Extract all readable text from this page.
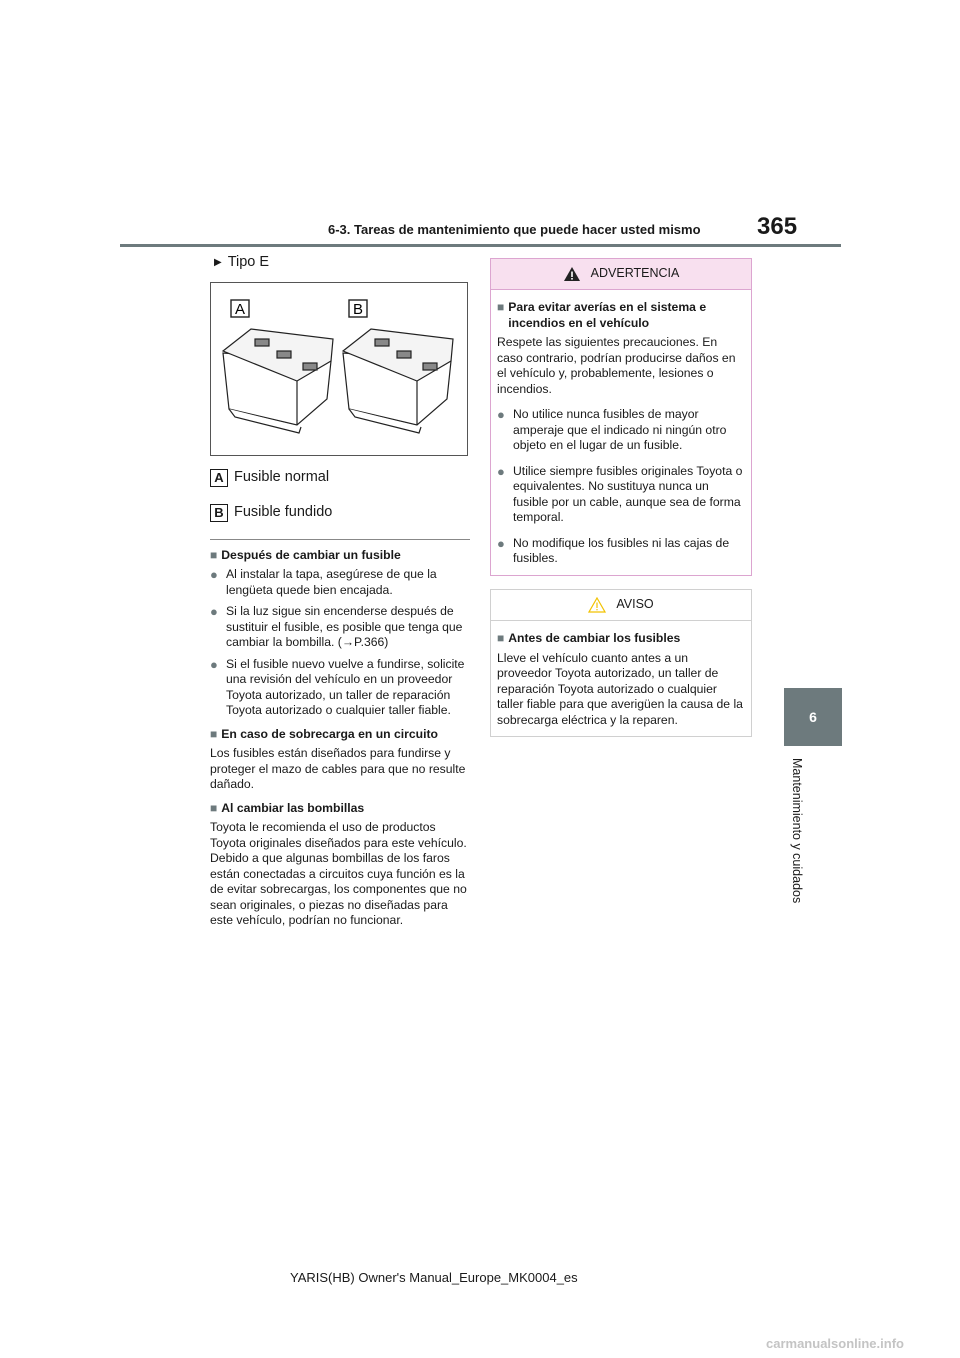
6-3. Tareas de mantenimiento que puede hacer usted mismo 365
6
Mantenimiento y cuidados
▶ Tipo E
A	B
A Fusible normal
B Fusible fundido
■ Después de cambiar un fusible
● Al instalar la tapa, asegúrese de que la lengüeta quede bien encajada.
● Si la luz sigue sin encenderse después de sustituir el fusible, es posible que tenga que cambiar la bombilla. (→P.366)
● Si el fusible nuevo vuelve a fundirse, solicite una revisión del vehículo en un proveedor Toyota autorizado, un taller de reparación Toyota autorizado o cualquier taller fiable.
■ En caso de sobrecarga en un circuito

Los fusibles están diseñados para fundirse y proteger el mazo de cables para que no resulte dañado.

■ Al cambiar las bombillas

Toyota le recomienda el uso de productos Toyota originales diseñados para este vehículo.

Debido a que algunas bombillas de los faros están conectadas a circuitos cuya función es la de evitar sobrecargas, los componentes que no sean originales, o piezas no diseñadas para este vehículo, podrían no funcionar.

ADVERTENCIA
■ Para evitar averías en el sistema e incendios en el vehículo

Respete las siguientes precauciones. En caso contrario, podrían producirse daños en el vehículo y, probablemente, lesiones o incendios.

● No utilice nunca fusibles de mayor amperaje que el indicado ni ningún otro objeto en el lugar de un fusible.
● Utilice siempre fusibles originales Toyota o equivalentes. No sustituya nunca un fusible por un cable, aunque sea de forma temporal.
● No modifique los fusibles ni las cajas de fusibles.
AVISO
■ Antes de cambiar los fusibles

Lleve el vehículo cuanto antes a un proveedor Toyota autorizado, un taller de reparación Toyota autorizado o cualquier taller fiable para que averigüen la causa de la sobrecarga eléctrica y la reparen.

YARIS(HB) Owner's Manual_Europe_MK0004_es
carmanualsonline.info
